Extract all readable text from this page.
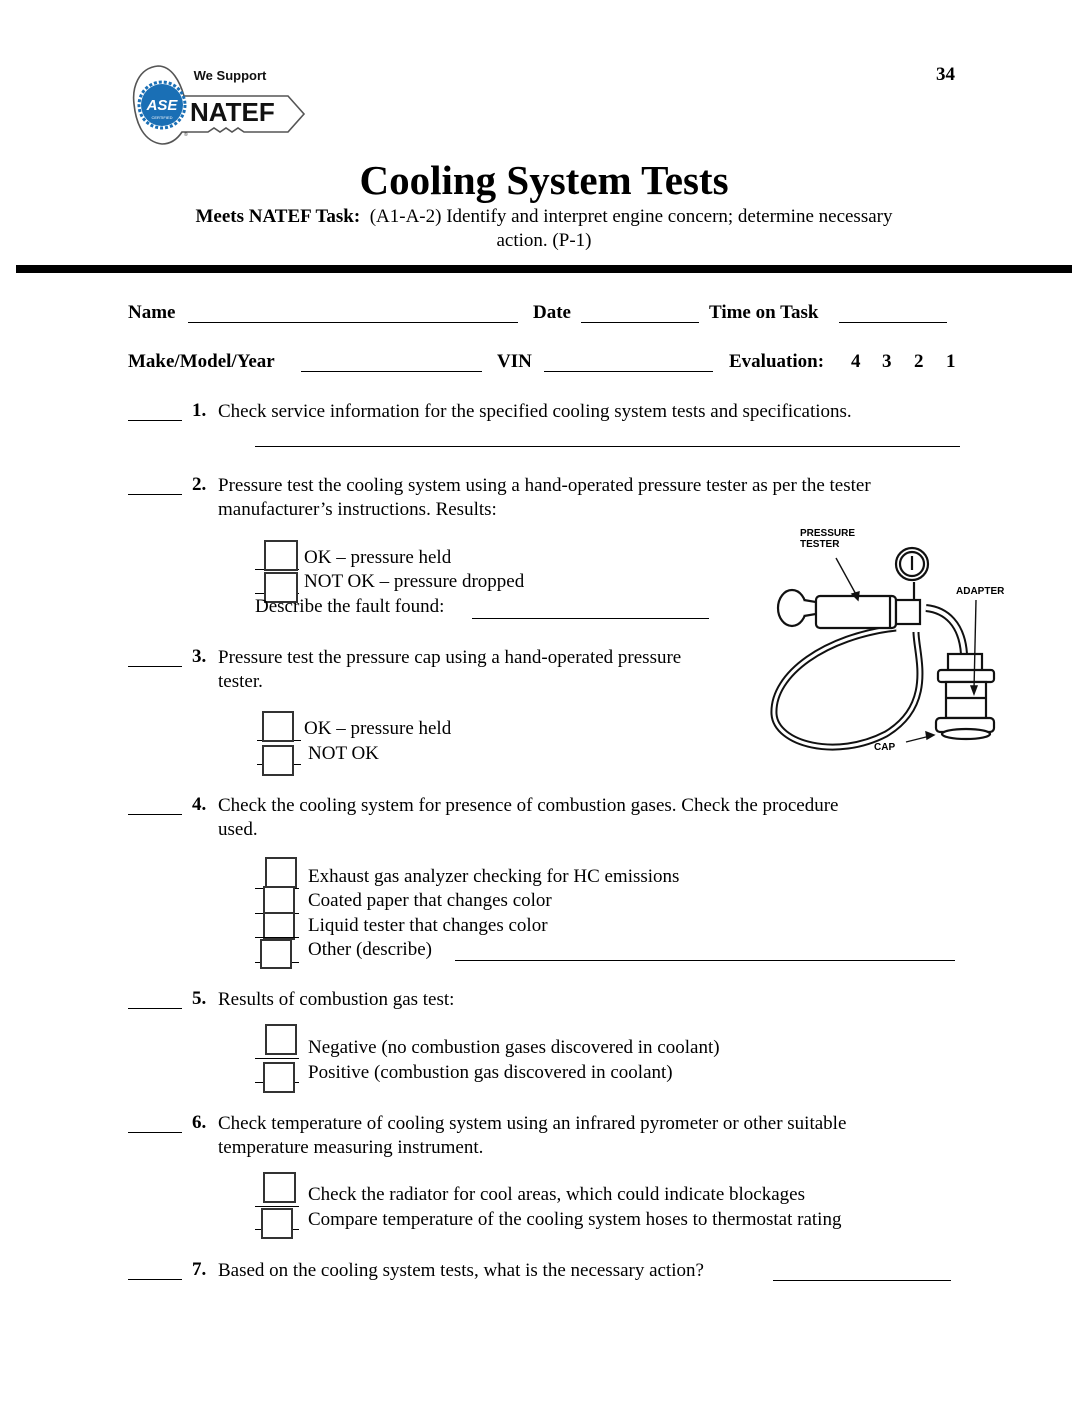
ASE
CERTIFIED
We Support
NATEF
®
34
Cooling System Tests
Meets NATEF Task: (A1-A-2) Identify and interpret engine concern; determine necessary
action. (P-1)
Name	Date	Time on Task
Make/Model/Year	VIN	Evaluation: 4 3 2 1
1. Check service information for the specified cooling system tests and specifications.
2. Pressure test the cooling system using a hand-operated pressure tester as per the tester
manufacturer’s instructions. Results:
OK – pressure held
NOT OK – pressure dropped
Describe the fault found:
3. Pressure test the pressure cap using a hand-operated pressure
tester.
OK – pressure held
NOT OK
PRESSURE
TESTER
ADAPTER
CAP
4. Check the cooling system for presence of combustion gases. Check the procedure
used.
Exhaust gas analyzer checking for HC emissions
Coated paper that changes color
Liquid tester that changes color
Other (describe)
5. Results of combustion gas test:
Negative (no combustion gases discovered in coolant)
Positive (combustion gas discovered in coolant)
6. Check temperature of cooling system using an infrared pyrometer or other suitable
temperature measuring instrument.
Check the radiator for cool areas, which could indicate blockages
Compare temperature of the cooling system hoses to thermostat rating
7. Based on the cooling system tests, what is the necessary action?
